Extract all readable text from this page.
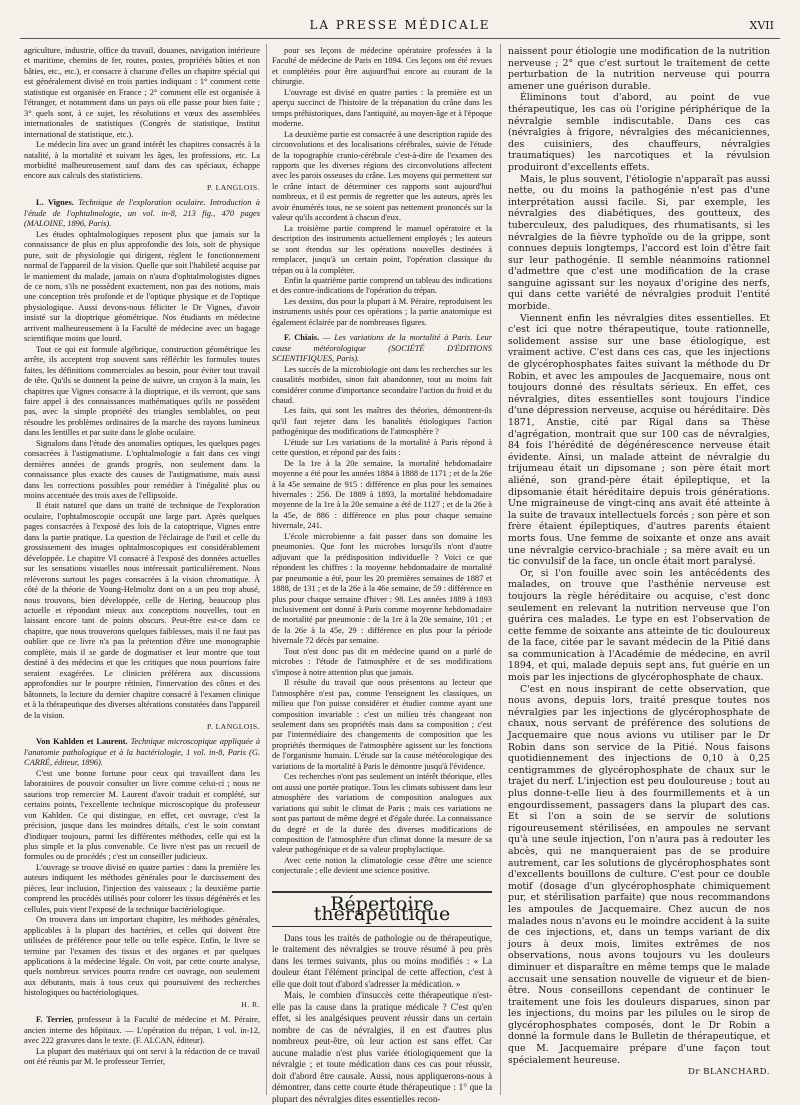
LA PRESSE MÉDICALE	XVII

agriculture, industrie, office du travail, douanes, navigation intérieure et maritime, chemins de fer, routes, postes, propriétés bâties et non bâties, etc., etc.), et consacre à chacune d'elles un chapitre spécial qui est généralement divisé en trois parties indiquant : 1° comment cette statistique est organisée en France ; 2° comment elle est organisée à l'étranger, et notamment dans un pays où elle passe pour bien faite ; 3° quels sont, à ce sujet, les résolutions et vœux des assemblées internationales de statistiques (Congrès de statistique, Institut international de statistique, etc.).

Le médecin lira avec un grand intérêt les chapitres consacrés à la natalité, à la mortalité et suivant les âges, les professions, etc. La morbidité malheureusement sauf dans des cas spéciaux, échappe encore aux calculs des statisticiens.

P. LANGLOIS.

L. Vignes. Technique de l'exploration oculaire. Introduction à l'étude de l'ophtalmologie, un vol. in-8, 213 fig., 470 pages (MALOINE, 1896, Paris).

Les études ophtalmologiques reposent plus que jamais sur la connaissance de plus en plus approfondie des lois, soit de physique pure, soit de physiologie qui dirigent, règlent le fonctionnement normal de l'appareil de la vision. Quelle que soit l'habileté acquise par le maniement du malade, jamais on n'aura d'ophtalmologistes dignes de ce nom, s'ils ne possèdent exactement, non pas des notions, mais une conception très profonde et de l'optique physique et de l'optique physiologique. Aussi devons-nous féliciter le Dr Vignes, d'avoir insisté sur la dioptrique géométrique. Nos étudiants en médecine arrivent malheureusement à la Faculté de médecine avec un bagage scientifique moins que lourd.

Tout ce qui est formule algébrique, construction géométrique les arrête, ils acceptent trop souvent sans réfléchir les formules toutes faites, les définitions commerciales au besoin, pour éviter tout travail de tête. Qu'ils se donnent la peine de suivre, un crayon à la main, les chapitres que Vignes consacre à la dioptrique, et ils verront, que sans faire appel à des connaissances mathématiques qu'ils ne possèdent pas, avec la simple propriété des triangles semblables, on peut résoudre les problèmes ordinaires de la marche des rayons lumineux dans les lentilles et par suite dans le globe oculaire.

Signalons dans l'étude des anomalies optiques, les quelques pages consacrées à l'astigmatisme. L'ophtalmologie a fait dans ces vingt dernières années de grands progrès, non seulement dans la connaissance plus exacte des causes de l'astigmatisme, mais aussi dans les corrections possibles pour remédier à l'inégalité plus ou moins accentuée des trois axes de l'ellipsoïde.

Il était naturel que dans un traité de technique de l'exploration oculaire, l'ophtalmoscopie occupât une large part. Après quelques pages consacrées à l'exposé des lois de la catoptrique, Vignes entre dans la partie pratique. La question de l'éclairage de l'œil et celle du grossissement des images ophtalmoscopiques est considérablement développée. Le chapitre VI consacré à l'exposé des données actuelles sur les sensations visuelles nous intéressait particulièrement. Nous relèverons surtout les pages consacrées à la vision chromatique. À côté de la théorie de Young-Helmoltz dont on a un peu trop abusé, nous trouvons, bien développée, celle de Hering, beaucoup plus actuelle et répondant mieux aux conceptions nouvelles, tout en laissant encore tant de points obscurs. Peut-être est-ce dans ce chapitre, que nous trouverons quelques faiblesses, mais il ne faut pas oublier que ce livre n'a pas la prétention d'être une monographie complète, mais il se garde de dogmatiser et leur montre que tout destiné à des médecins et que les critiques que nous pourrions faire seraient exagérées. Le clinicien préférera aux discussions approfondies sur le pourpre rétinien, l'innervation des cônes et des bâtonnets, la lecture du dernier chapitre consacré à l'examen clinique et à la thérapeutique des diverses altérations constatées dans l'appareil de la vision.

P. LANGLOIS.

Von Kahlden et Laurent. Technique microscopique appliquée à l'anatomie pathologique et à la bactériologie, 1 vol. in-8, Paris (G. CARRÉ, éditeur, 1896).

C'est une bonne fortune pour ceux qui travaillent dans les laboratoires de pouvoir consulter un livre comme celui-ci ; nous ne saurions trop remercier M. Laurent d'avoir traduit et complété, sur certains points, l'excellente technique microscopique du professeur von Kahlden. Ce qui distingue, en effet, cet ouvrage, c'est la précision, jusque dans les moindres détails, c'est le soin constant d'indiquer toujours, parmi les différentes méthodes, celle qui est la plus simple et la plus convenable. Ce livre n'est pas un recueil de formules ou de procédés ; c'est un conseiller judicieux.

L'ouvrage se trouve divisé en quatre parties : dans la première les auteurs indiquent les méthodes générales pour le durcissement des pièces, leur inclusion, l'injection des vaisseaux ; la deuxième partie comprend les procédés utilisés pour colorer les tissus dégénérés et les cellules, puis vient l'exposé de la technique bactériologique.

On trouvera dans un important chapitre, les méthodes générales, applicables à la plupart des bactéries, et celles qui doivent être utilisées de préférence pour telle ou telle espèce. Enfin, le livre se termine par l'examen des tissus et des organes et par quelques applications à la médecine légale. On voit, par cette courte analyse, quels nombreux services pourra rendre cet ouvrage, non seulement aux débutants, mais à tous ceux qui poursuivent des recherches histologiques ou bactériologiques.

H. R.

F. Terrier, professeur à la Faculté de médecine et M. Péraire, ancien interne des hôpitaux. — L'opération du trépan, 1 vol. in-12, avec 222 gravures dans le texte. (F. ALCAN, éditeur).

La plupart des matériaux qui ont servi à la rédaction de ce travail ont été réunis par M. le professeur Terrier,

pour ses leçons de médecine opératoire professées à la Faculté de médecine de Paris en 1894. Ces leçons ont été revues et complétées pour être aujourd'hui encore au courant de la chirurgie.

L'ouvrage est divisé en quatre parties : la première est un aperçu succinct de l'histoire de la trépanation du crâne dans les temps préhistoriques, dans l'antiquité, au moyen-âge et à l'époque moderne.

La deuxième partie est consacrée à une description rapide des circonvolutions et des localisations cérébrales, suivie de l'étude de la topographie cranio-cérébrale c'est-à-dire de l'examen des rapports que les diverses régions des circonvolutions affectent avec les parois osseuses du crâne. Les moyens qui permettent sur le crâne intact de déterminer ces rapports sont aujourd'hui nombreux, et il est permis de regretter que les auteurs, après les avoir énumérés tous, ne se soient pas nettement prononcés sur la valeur qu'ils accordent à chacun d'eux.

La troisième partie comprend le manuel opératoire et la description des instruments actuellement employés ; les auteurs se sont étendus sur les opérations nouvelles destinées à remplacer, jusqu'à un certain point, l'opération classique du trépan ou à la compléter.

Enfin la quatrième partie comprend un tableau des indications et des contre-indications de l'opération du trépan.

Les dessins, dus pour la plupart à M. Péraire, reproduisent les instruments usités pour ces opérations ; la partie anatomique est également éclairée par de nombreuses figures.

F. Chiais. — Les variations de la mortalité à Paris. Leur cause météorologique (SOCIÉTÉ D'ÉDITIONS SCIENTIFIQUES, Paris).

Les succès de la microbiologie ont dans les recherches sur les causalités morbides, sinon fait abandonner, tout au moins fait considérer comme d'importance secondaire l'action du froid et du chaud.

Les faits, qui sont les maîtres des théories, démontrent-ils qu'il faut rejeter dans les banalités étiologiques l'action pathogénique des modifications de l'atmosphère ?

L'étude sur Les variations de la mortalité à Paris répond à cette question, et répond par des faits :

De la 1re à la 20e semaine, la mortalité hebdomadaire moyenne a été pour les années 1884 à 1888 de 1171 ; et de la 26e à la 45e semaine de 915 : différence en plus pour les semaines hivernales : 256. De 1889 à 1893, la mortalité hebdomadaire moyenne de la 1re à la 20e semaine a été de 1127 ; et de la 26e à la 45e, de 886 : différence en plus pour chaque semaine hivernale, 241.

L'école microbienne a fait passer dans son domaine les pneumonies. Que font les microbes lorsqu'ils n'ont d'autre adjuvant que la prédisposition individuelle ? Voici ce que répondent les chiffres : la moyenne hebdomadaire de mortalité par pneumonie a été, pour les 20 premières semaines de 1887 et 1888, de 131 ; et de la 26e à la 46e semaine, de 59 : différence en plus pour chaque semaine d'hiver : 98. Les années 1889 à 1893 inclusivement ont donné à Paris comme moyenne hebdomadaire de mortalité par pneumonie : de la 1re à la 20e semaine, 101 ; et de la 26e à la 45e, 29 : différence en plus pour la période hivernale 72 décès par semaine.

Tout n'est donc pas dit en médecine quand on a parlé de microbes : l'étude de l'atmosphère et de ses modifications s'impose à notre attention plus que jamais.

Il résulte du travail que nous présentons au lecteur que l'atmosphère n'est pas, comme l'enseignent les classiques, un milieu que l'on puisse considérer et étudier comme ayant une composition invariable : c'est un milieu très changeant non seulement dans ses propriétés mais dans sa composition ; c'est par l'intermédiaire des changements de composition que les propriétés thermiques de l'atmosphère agissent sur les fonctions de l'organisme humain. L'étude sur la cause météorologique des variations de la mortalité à Paris le démontre jusqu'à l'évidence.

Ces recherches n'ont pas seulement un intérêt théorique, elles ont aussi une portée pratique. Tous les climats subissent dans leur atmosphère des variations de composition analogues aux variations qui subit le climat de Paris ; mais ces variations ne sont pas partout de même degré et d'égale durée. La connaissance du degré et de la durée des diverses modifications de composition de l'atmosphère d'un climat donne la mesure de sa valeur pathogénique et de sa valeur prophylactique.

Avec cette notion la climatologie cesse d'être une science conjecturale ; elle devient une science positive.

Répertoire thérapeutique

Dans tous les traités de pathologie ou de thérapeutique, le traitement des névralgies se trouve résumé à peu près dans les termes suivants, plus ou moins modifiés : « La douleur étant l'élément principal de cette affection, c'est à elle que doit tout d'abord s'adresser la médication. »

Mais, le combien d'insuccès cette thérapeutique n'est-elle pas la cause dans la pratique médicale ? C'est qu'en effet, si les analgésiques peuvent réussir dans un certain nombre de cas de névralgies, il en est d'autres plus nombreux peut-être, où leur action est sans effet. Car aucune maladie n'est plus variée étiologiquement que la névralgie ; et toute médication dans ces cas pour réussir, doit d'abord être causale. Aussi, nous appliquerons-nous à démontrer, dans cette courte étude thérapeutique : 1° que la plupart des névralgies dites essentielles recon-

naissent pour étiologie une modification de la nutrition nerveuse ; 2° que c'est surtout le traitement de cette perturbation de la nutrition nerveuse qui pourra amener une guérison durable.

Éliminons tout d'abord, au point de vue thérapeutique, les cas où l'origine périphérique de la névralgie semble indiscutable. Dans ces cas (névralgies à frigore, névralgies des mécaniciennes, des cuisiniers, des chauffeurs, névralgies traumatiques) les narcotiques et la révulsion produiront d'excellents effets.

Mais, le plus souvent, l'étiologie n'apparaît pas aussi nette, ou du moins la pathogénie n'est pas d'une interprétation aussi facile. Si, par exemple, les névralgies des diabétiques, des goutteux, des tuberculeux, des paludiques, des rhumatisants, si les névralgies de la fièvre typhoïde ou de la grippe, sont connues depuis longtemps, l'accord est loin d'être fait sur leur pathogénie. Il semble néanmoins rationnel d'admettre que c'est une modification de la crase sanguine agissant sur les noyaux d'origine des nerfs, qui dans cette variété de névralgies produit l'entité morbide.

Viennent enfin les névralgies dites essentielles. Et c'est ici que notre thérapeutique, toute rationnelle, solidement assise sur une base étiologique, est vraiment active. C'est dans ces cas, que les injections de glycérophosphates faites suivant la méthode du Dr Robin, et avec les ampoules de Jacquemaire, nous ont toujours donné des résultats sérieux. En effet, ces névralgies, dites essentielles sont toujours l'indice d'une dépression nerveuse, acquise ou héréditaire. Dès 1871, Anstie, cité par Rigal dans sa Thèse d'agrégation, montrait que sur 100 cas de névralgies, 84 fois l'hérédité de dégénérescence nerveuse était évidente. Ainsi, un malade atteint de névralgie du trijumeau était un dipsomane ; son père était mort aliéné, son grand-père était épileptique, et la dipsomanie était héréditaire depuis trois générations. Une migraineuse de vingt-cinq ans avait été atteinte à la suite de travaux intellectuels forcés ; son père et son frère étaient épileptiques, d'autres parents étaient morts fous. Une femme de soixante et onze ans avait une névralgie cervico-brachiale ; sa mère avait eu un tic convulsif de la face, un oncle était mort paralysé.

Or, si l'on fouille avec soin les antécédents des malades, on trouve que l'asthénie nerveuse est toujours la règle héréditaire ou acquise, c'est donc seulement en relevant la nutrition nerveuse que l'on guérira ces malades. Le type en est l'observation de cette femme de soixante ans atteinte de tic douloureux de la face, citée par le savant médecin de la Pitié dans sa communication à l'Académie de médecine, en avril 1894, et qui, malade depuis sept ans, fut guérie en un mois par les injections de glycérophosphate de chaux.

C'est en nous inspirant de cette observation, que nous avons, depuis lors, traité presque toutes nos névralgies par les injections de glycérophosphate de chaux, nous servant de préférence des solutions de Jacquemaire que nous avions vu utiliser par le Dr Robin dans son service de la Pitié. Nous faisons quotidiennement des injections de 0,10 à 0,25 centigrammes de glycérophosphate de chaux sur le trajet du nerf. L'injection est peu douloureuse ; tout au plus donne-t-elle lieu à des fourmillements et à un engourdissement, passagers dans la plupart des cas. Et si l'on a soin de se servir de solutions rigoureusement stérilisées, en ampoules ne servant qu'à une seule injection, l'on n'aura pas à redouter les abcès, qui ne manqueraient pas de se produire autrement, car les solutions de glycérophosphates sont d'excellents bouillons de culture. C'est pour ce double motif (dosage d'un glycérophosphate chimiquement pur, et stérilisation parfaite) que nous recommandons les ampoules de Jacquemaire. Chez aucun de nos malades nous n'avons eu le moindre accident à la suite de ces injections, et, dans un temps variant de dix jours à deux mois, limites extrêmes de nos observations, nous avons toujours vu les douleurs diminuer et disparaître en même temps que le malade accusait une sensation nouvelle de vigueur et de bien-être. Nous conseillons cependant de continuer le traitement une fois les douleurs disparues, sinon par les injections, du moins par les pilules ou le sirop de glycérophosphates composés, dont le Dr Robin a donné la formule dans le Bulletin de thérapeutique, et que M. Jacquemaire prépare d'une façon tout spécialement heureuse.

Dr BLANCHARD.
